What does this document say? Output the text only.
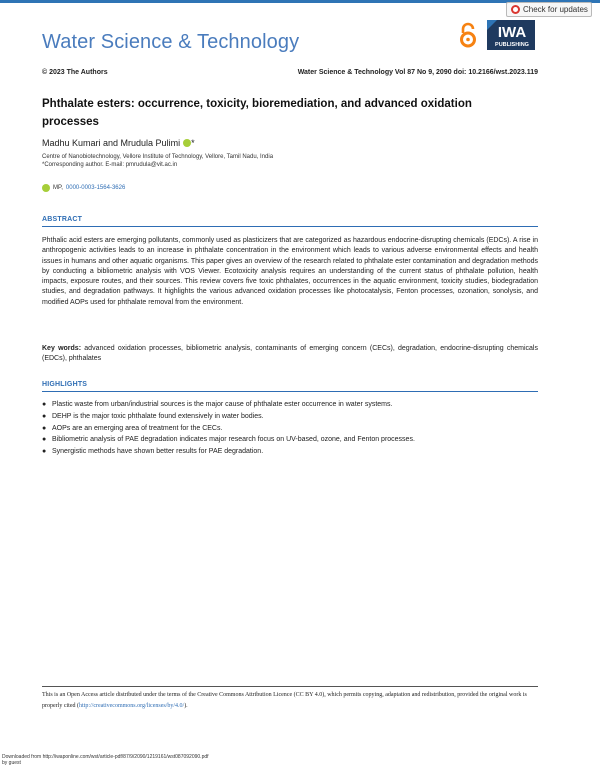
Check for updates
Water Science & Technology	IWA
PUBLISHING
© 2023 The Authors	Water Science & Technology Vol 87 No 9, 2090 doi: 10.2166/wst.2023.119
Phthalate esters: occurrence, toxicity, bioremediation, and advanced oxidation processes
Madhu Kumari and Mrudula Pulimi *
Centre of Nanobiotechnology, Vellore Institute of Technology, Vellore, Tamil Nadu, India
*Corresponding author. E-mail: pmrudula@vit.ac.in
MP, 0000-0003-1564-3626
ABSTRACT
Phthalic acid esters are emerging pollutants, commonly used as plasticizers that are categorized as hazardous endocrine-disrupting chemicals (EDCs). A rise in anthropogenic activities leads to an increase in phthalate concentration in the environment which leads to various adverse environmental effects and health issues in humans and other aquatic organisms. This paper gives an overview of the research related to phthalate ester contamination and degradation methods by conducting a bibliometric analysis with VOS Viewer. Ecotoxicity analysis requires an understanding of the current status of phthalate pollution, health impacts, exposure routes, and their sources. This review covers five toxic phthalates, occurrences in the aquatic environment, toxicity studies, biodegradation studies, and degradation pathways. It highlights the various advanced oxidation processes like photocatalysis, Fenton processes, ozonation, sonolysis, and modified AOPs used for phthalate removal from the environment.
Key words: advanced oxidation processes, bibliometric analysis, contaminants of emerging concern (CECs), degradation, endocrine-disrupting chemicals (EDCs), phthalates
HIGHLIGHTS
● Plastic waste from urban/industrial sources is the major cause of phthalate ester occurrence in water systems.
● DEHP is the major toxic phthalate found extensively in water bodies.
● AOPs are an emerging area of treatment for the CECs.
● Bibliometric analysis of PAE degradation indicates major research focus on UV-based, ozone, and Fenton processes.
● Synergistic methods have shown better results for PAE degradation.
This is an Open Access article distributed under the terms of the Creative Commons Attribution Licence (CC BY 4.0), which permits copying, adaptation and redistribution, provided the original work is properly cited (http://creativecommons.org/licenses/by/4.0/).
Downloaded from http://iwaponline.com/wst/article-pdf/87/9/2090/1219161/wst087092090.pdf
by guest
